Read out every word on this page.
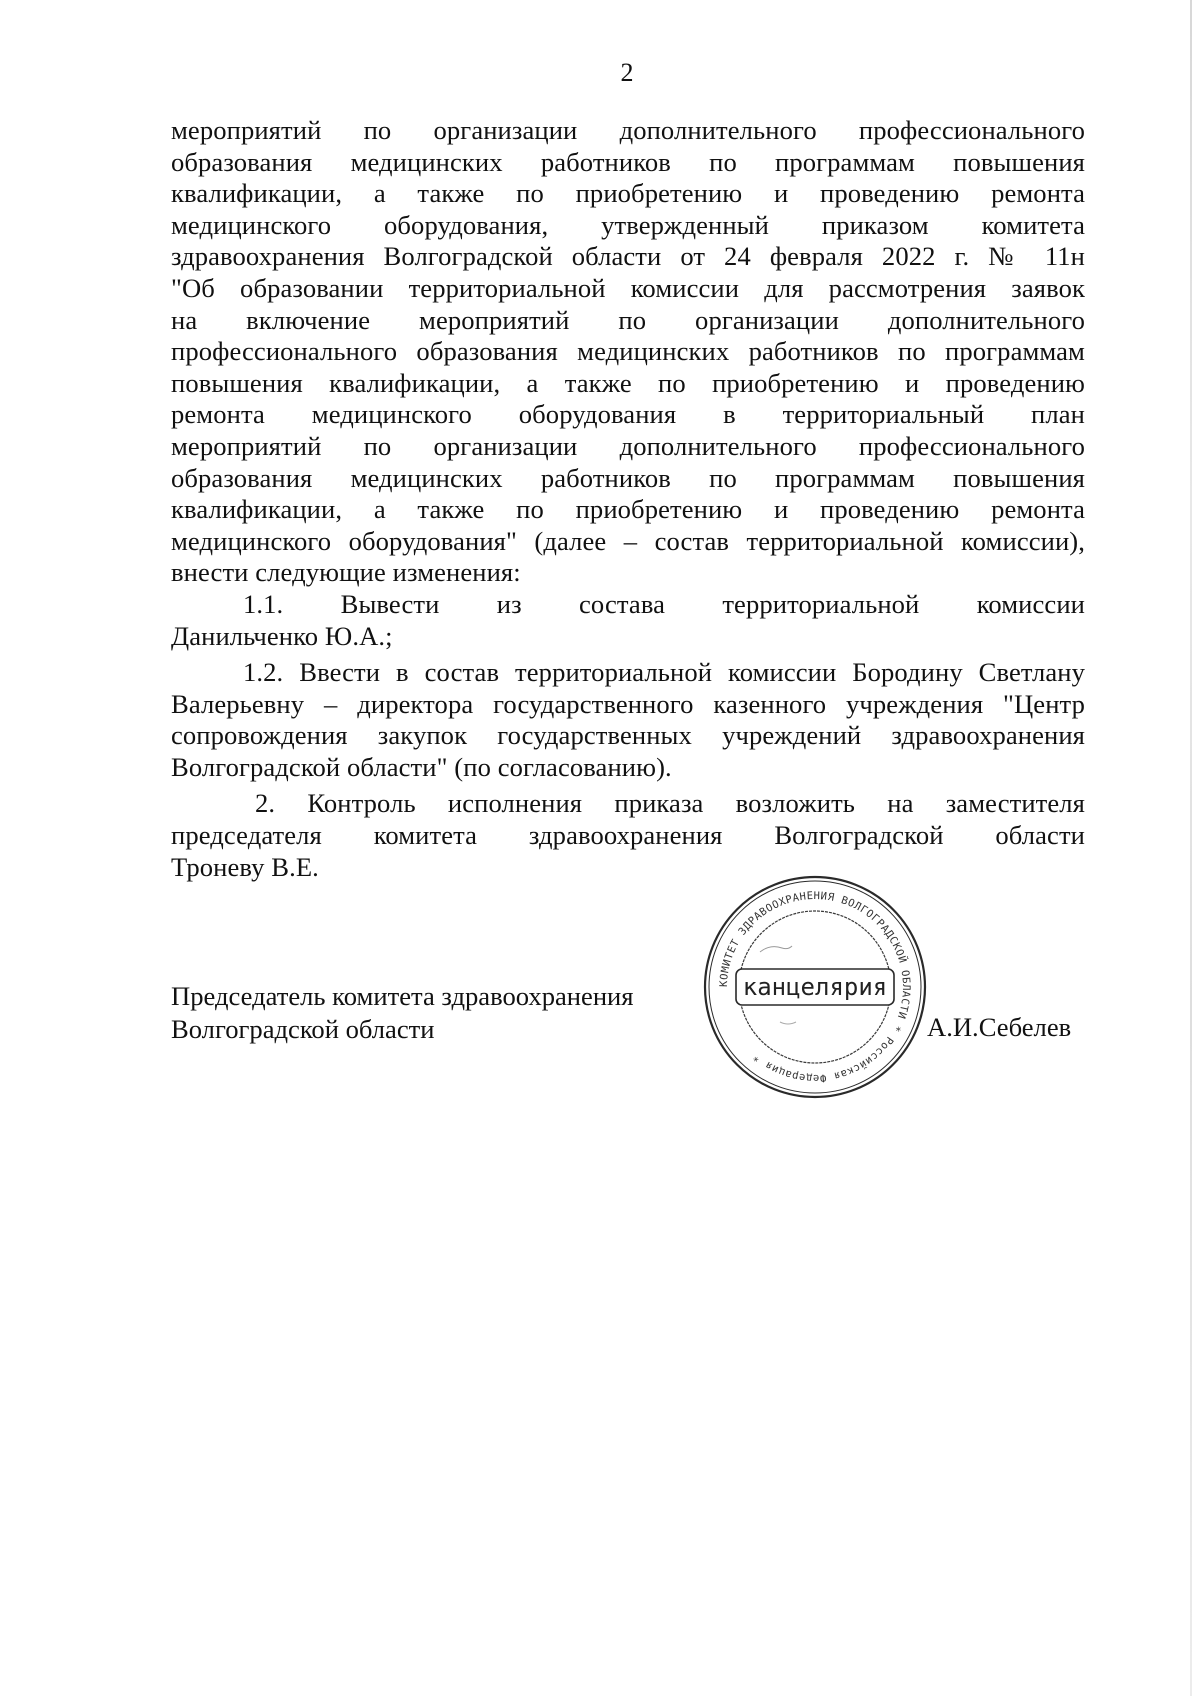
2
мероприятий по организации дополнительного профессионального
образования медицинских работников по программам повышения
квалификации, а также по приобретению и проведению ремонта
медицинского оборудования, утвержденный приказом комитета
здравоохранения Волгоградской области от 24 февраля 2022 г. № 11н
"Об образовании территориальной комиссии для рассмотрения заявок
на включение мероприятий по организации дополнительного
профессионального образования медицинских работников по программам
повышения квалификации, а также по приобретению и проведению
ремонта медицинского оборудования в территориальный план
мероприятий по организации дополнительного профессионального
образования медицинских работников по программам повышения
квалификации, а также по приобретению и проведению ремонта
медицинского оборудования" (далее – состав территориальной комиссии),
внести следующие изменения:
1.1. Вывести из состава территориальной комиссии
Данильченко Ю.А.;
1.2. Ввести в состав территориальной комиссии Бородину Светлану
Валерьевну – директора государственного казенного учреждения "Центр
сопровождения закупок государственных учреждений здравоохранения
Волгоградской области" (по согласованию).
2. Контроль исполнения приказа возложить на заместителя
председателя комитета здравоохранения Волгоградской области
Троневу В.Е.
Председатель комитета здравоохранения
Волгоградской области
КОМИТЕТ ЗДРАВООХРАНЕНИЯ ВОЛГОГРАДСКОЙ ОБЛАСТИ * Российская Федерация *
канцелярия
А.И.Себелев
